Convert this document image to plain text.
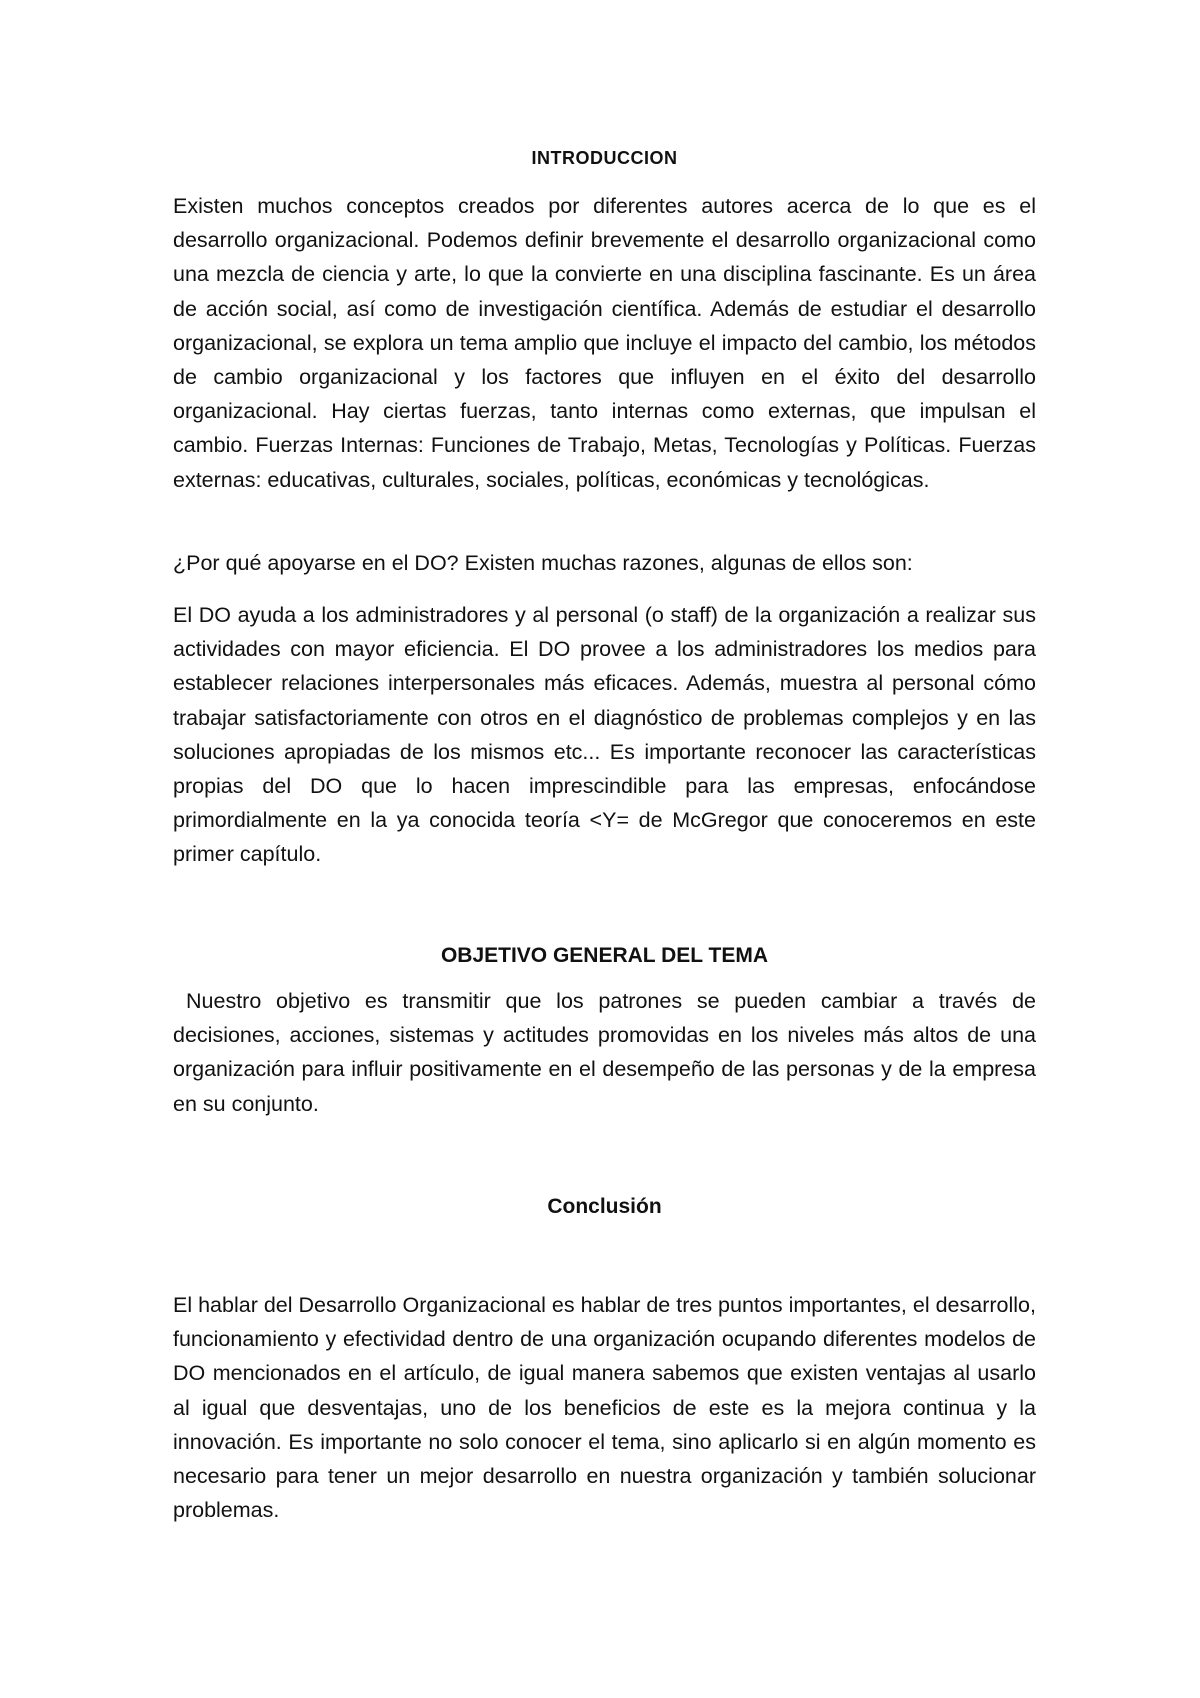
INTRODUCCION

Existen muchos conceptos creados por diferentes autores acerca de lo que es el desarrollo organizacional. Podemos definir brevemente el desarrollo organizacional como una mezcla de ciencia y arte, lo que la convierte en una disciplina fascinante. Es un área de acción social, así como de investigación científica. Además de estudiar el desarrollo organizacional, se explora un tema amplio que incluye el impacto del cambio, los métodos de cambio organizacional y los factores que influyen en el éxito del desarrollo organizacional. Hay ciertas fuerzas, tanto internas como externas, que impulsan el cambio. Fuerzas Internas: Funciones de Trabajo, Metas, Tecnologías y Políticas. Fuerzas externas: educativas, culturales, sociales, políticas, económicas y tecnológicas.

¿Por qué apoyarse en el DO? Existen muchas razones, algunas de ellos son:

El DO ayuda a los administradores y al personal (o staff) de la organización a realizar sus actividades con mayor eficiencia. El DO provee a los administradores los medios para establecer relaciones interpersonales más eficaces. Además, muestra al personal cómo trabajar satisfactoriamente con otros en el diagnóstico de problemas complejos y en las soluciones apropiadas de los mismos etc... Es importante reconocer las características propias del DO que lo hacen imprescindible para las empresas, enfocándose primordialmente en la ya conocida teoría <Y= de McGregor que conoceremos en este primer capítulo.

OBJETIVO GENERAL DEL TEMA

Nuestro objetivo es transmitir que los patrones se pueden cambiar a través de decisiones, acciones, sistemas y actitudes promovidas en los niveles más altos de una organización para influir positivamente en el desempeño de las personas y de la empresa en su conjunto.

Conclusión

El hablar del Desarrollo Organizacional es hablar de tres puntos importantes, el desarrollo, funcionamiento y efectividad dentro de una organización ocupando diferentes modelos de DO mencionados en el artículo, de igual manera sabemos que existen ventajas al usarlo al igual que desventajas, uno de los beneficios de este es la mejora continua y la innovación. Es importante no solo conocer el tema, sino aplicarlo si en algún momento es necesario para tener un mejor desarrollo en nuestra organización y también solucionar problemas.
